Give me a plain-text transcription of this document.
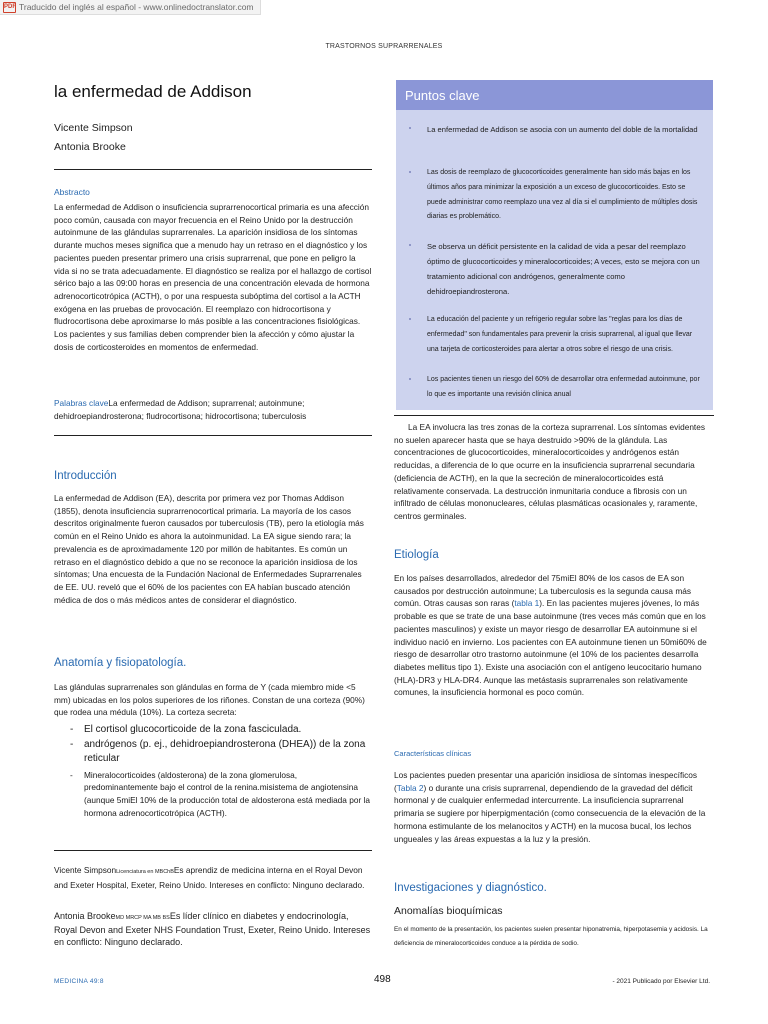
PDF Traducido del inglés al español - www.onlinedoctranslator.com
TRASTORNOS SUPRARRENALES
la enfermedad de Addison
Vicente Simpson
Antonia Brooke
Abstracto
La enfermedad de Addison o insuficiencia suprarrenocortical primaria es una afección poco común, causada con mayor frecuencia en el Reino Unido por la destrucción autoinmune de las glándulas suprarrenales. La aparición insidiosa de los síntomas durante muchos meses significa que a menudo hay un retraso en el diagnóstico y los pacientes pueden presentar primero una crisis suprarrenal, que pone en peligro la vida si no se trata adecuadamente. El diagnóstico se realiza por el hallazgo de cortisol sérico bajo a las 09:00 horas en presencia de una concentración elevada de hormona adrenocorticotrópica (ACTH), o por una respuesta subóptima del cortisol a la ACTH exógena en las pruebas de provocación. El reemplazo con hidrocortisona y fludrocortisona debe aproximarse lo más posible a las concentraciones fisiológicas. Los pacientes y sus familias deben comprender bien la afección y cómo ajustar la dosis de corticosteroides en momentos de enfermedad.
Palabras claveLa enfermedad de Addison; suprarrenal; autoinmune; dehidroepiandrosterona; fludrocortisona; hidrocortisona; tuberculosis
Introducción
La enfermedad de Addison (EA), descrita por primera vez por Thomas Addison (1855), denota insuficiencia suprarrenocortical primaria. La mayoría de los casos descritos originalmente fueron causados por tuberculosis (TB), pero la etiología más común en el Reino Unido es ahora la autoinmunidad. La EA sigue siendo rara; la prevalencia es de aproximadamente 120 por millón de habitantes. Es común un retraso en el diagnóstico debido a que no se reconoce la aparición insidiosa de los síntomas; Una encuesta de la Fundación Nacional de Enfermedades Suprarrenales de EE. UU. reveló que el 60% de los pacientes con EA habían buscado atención médica de dos o más médicos antes de considerar el diagnóstico.
Anatomía y fisiopatología.
Las glándulas suprarrenales son glándulas en forma de Y (cada miembro mide <5 mm) ubicadas en los polos superiores de los riñones. Constan de una corteza (90%) que rodea una médula (10%). La corteza secreta:
- El cortisol glucocorticoide de la zona fasciculada.
- andrógenos (p. ej., dehidroepiandrosterona (DHEA)) de la zona reticular
- Mineralocorticoides (aldosterona) de la zona glomerulosa, predominantemente bajo el control de la renina.misistema de angiotensina (aunque 5miEl 10% de la producción total de aldosterona está mediada por la hormona adrenocorticotrópica (ACTH).
Vicente SimpsonLicenciatura en MBChBEs aprendiz de medicina interna en el Royal Devon and Exeter Hospital, Exeter, Reino Unido. Intereses en conflicto: Ninguno declarado.
Antonia BrookeMD MRCP MA MB BSEs líder clínico en diabetes y endocrinología, Royal Devon and Exeter NHS Foundation Trust, Exeter, Reino Unido. Intereses en conflicto: Ninguno declarado.
Puntos clave
La enfermedad de Addison se asocia con un aumento del doble de la mortalidad
Las dosis de reemplazo de glucocorticoides generalmente han sido más bajas en los últimos años para minimizar la exposición a un exceso de glucocorticoides. Esto se puede administrar como reemplazo una vez al día si el cumplimiento de múltiples dosis diarias es problemático.
Se observa un déficit persistente en la calidad de vida a pesar del reemplazo óptimo de glucocorticoides y mineralocorticoides; A veces, esto se mejora con un tratamiento adicional con andrógenos, generalmente como dehidroepiandrosterona.
La educación del paciente y un refrigerio regular sobre las "reglas para los días de enfermedad" son fundamentales para prevenir la crisis suprarrenal, al igual que llevar una tarjeta de corticosteroides para alertar a otros sobre el riesgo de una crisis.
Los pacientes tienen un riesgo del 60% de desarrollar otra enfermedad autoinmune, por lo que es importante una revisión clínica anual
La EA involucra las tres zonas de la corteza suprarrenal. Los síntomas evidentes no suelen aparecer hasta que se haya destruido >90% de la glándula. Las concentraciones de glucocorticoides, mineralocorticoides y andrógenos están reducidas, a diferencia de lo que ocurre en la insuficiencia suprarrenal secundaria (deficiencia de ACTH), en la que la secreción de mineralocorticoides está relativamente conservada. La destrucción inmunitaria conduce a fibrosis con un infiltrado de células mononucleares, células plasmáticas ocasionales y, raramente, centros germinales.
Etiología
En los países desarrollados, alrededor del 75miEl 80% de los casos de EA son causados por destrucción autoinmune; La tuberculosis es la segunda causa más común. Otras causas son raras (tabla 1). En las pacientes mujeres jóvenes, lo más probable es que se trate de una base autoinmune (tres veces más común que en los pacientes masculinos) y existe un mayor riesgo de desarrollar EA autoinmune si el individuo nació en invierno. Los pacientes con EA autoinmune tienen un 50mi60% de riesgo de desarrollar otro trastorno autoinmune (el 10% de los pacientes desarrolla diabetes mellitus tipo 1). Existe una asociación con el antígeno leucocitario humano (HLA)-DR3 y HLA-DR4. Aunque las metástasis suprarrenales son relativamente comunes, la insuficiencia hormonal es poco común.
Características clínicas
Los pacientes pueden presentar una aparición insidiosa de síntomas inespecíficos (Tabla 2) o durante una crisis suprarrenal, dependiendo de la gravedad del déficit hormonal y de cualquier enfermedad intercurrente. La insuficiencia suprarrenal primaria se sugiere por hiperpigmentación (como consecuencia de la elevación de la hormona estimulante de los melanocitos y ACTH) en la mucosa bucal, los lechos ungueales y las áreas expuestas a la luz y la presión.
Investigaciones y diagnóstico.
Anomalías bioquímicas
En el momento de la presentación, los pacientes suelen presentar hiponatremia, hiperpotasemia y acidosis. La deficiencia de mineralocorticoides conduce a la pérdida de sodio.
MEDICINA 49:8	498	- 2021 Publicado por Elsevier Ltd.
